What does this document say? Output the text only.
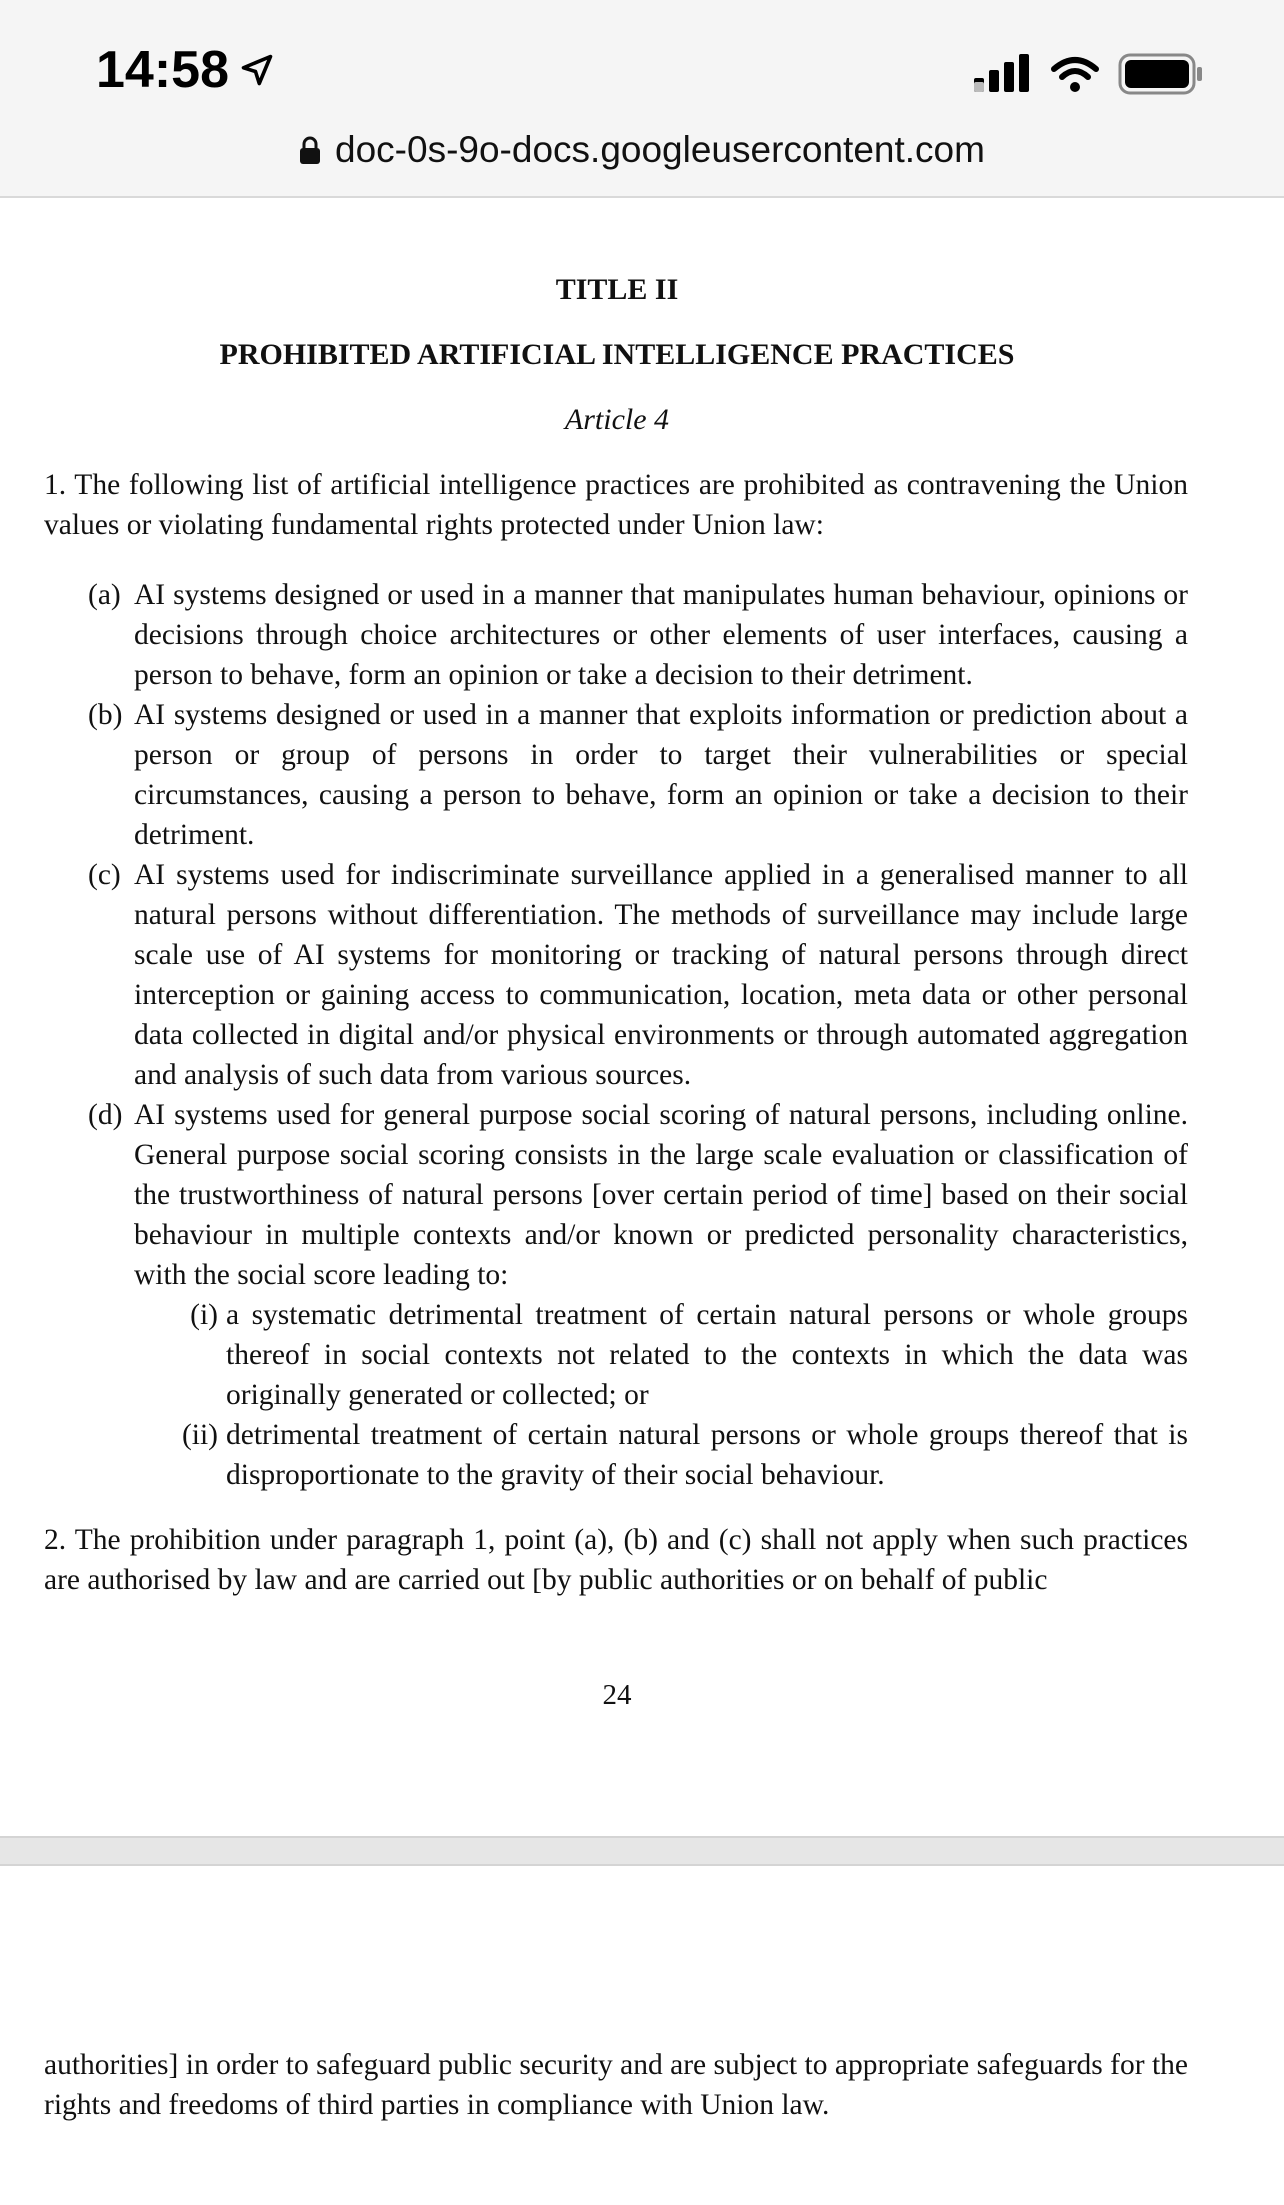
14:58
doc-0s-9o-docs.googleusercontent.com
TITLE II
PROHIBITED ARTIFICIAL INTELLIGENCE PRACTICES
Article 4
1. The following list of artificial intelligence practices are prohibited as contravening the Union values or violating fundamental rights protected under Union law:
(a) AI systems designed or used in a manner that manipulates human behaviour, opinions or decisions through choice architectures or other elements of user interfaces, causing a person to behave, form an opinion or take a decision to their detriment.
(b) AI systems designed or used in a manner that exploits information or prediction about a person or group of persons in order to target their vulnerabilities or special circumstances, causing a person to behave, form an opinion or take a decision to their detriment.
(c) AI systems used for indiscriminate surveillance applied in a generalised manner to all natural persons without differentiation. The methods of surveillance may include large scale use of AI systems for monitoring or tracking of natural persons through direct interception or gaining access to communication, location, meta data or other personal data collected in digital and/or physical environments or through automated aggregation and analysis of such data from various sources.
(d) AI systems used for general purpose social scoring of natural persons, including online. General purpose social scoring consists in the large scale evaluation or classification of the trustworthiness of natural persons [over certain period of time] based on their social behaviour in multiple contexts and/or known or predicted personality characteristics, with the social score leading to:
(i) a systematic detrimental treatment of certain natural persons or whole groups thereof in social contexts not related to the contexts in which the data was originally generated or collected; or
(ii) detrimental treatment of certain natural persons or whole groups thereof that is disproportionate to the gravity of their social behaviour.
2. The prohibition under paragraph 1, point (a), (b) and (c) shall not apply when such practices are authorised by law and are carried out [by public authorities or on behalf of public
24
authorities] in order to safeguard public security and are subject to appropriate safeguards for the rights and freedoms of third parties in compliance with Union law.
